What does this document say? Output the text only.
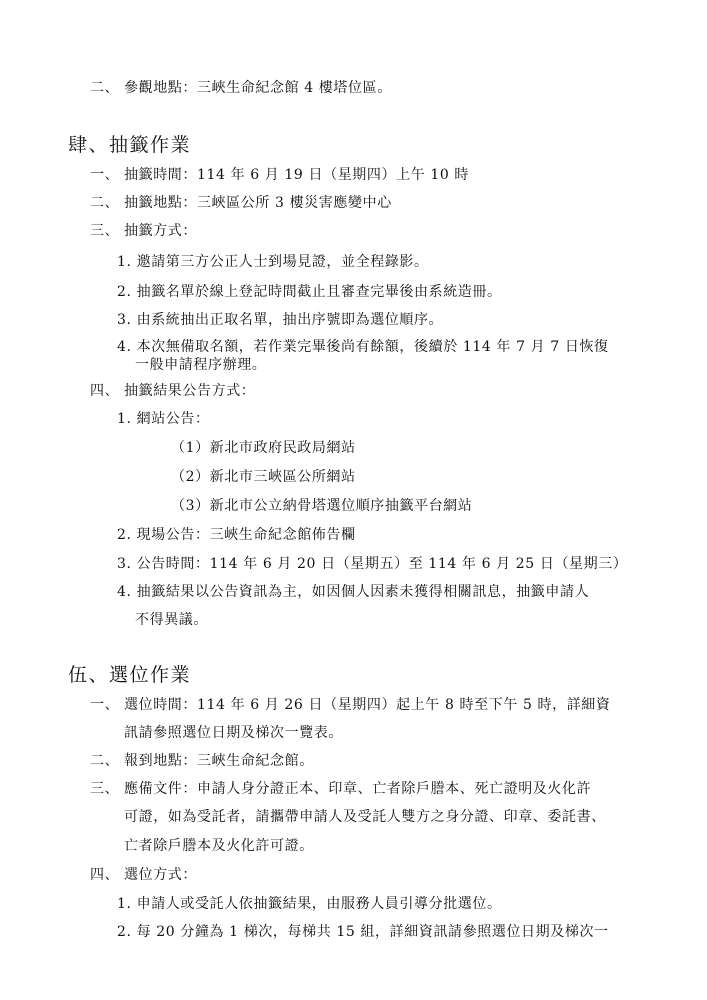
二、 參觀地點：三峽生命紀念館 4 樓塔位區。
肆、抽籤作業
一、 抽籤時間：114 年 6 月 19 日（星期四）上午 10 時
二、 抽籤地點：三峽區公所 3 樓災害應變中心
三、 抽籤方式：
1. 邀請第三方公正人士到場見證，並全程錄影。
2. 抽籤名單於線上登記時間截止且審查完畢後由系統造冊。
3. 由系統抽出正取名單，抽出序號即為選位順序。
4. 本次無備取名額，若作業完畢後尚有餘額，後續於 114 年 7 月 7 日恢復
一般申請程序辦理。
四、 抽籤結果公告方式：
1. 網站公告：
（1）新北市政府民政局網站
（2）新北市三峽區公所網站
（3）新北市公立納骨塔選位順序抽籤平台網站
2. 現場公告：三峽生命紀念館佈告欄
3. 公告時間：114 年 6 月 20 日（星期五）至 114 年 6 月 25 日（星期三）
4. 抽籤結果以公告資訊為主，如因個人因素未獲得相關訊息，抽籤申請人
不得異議。
伍、選位作業
一、 選位時間：114 年 6 月 26 日（星期四）起上午 8 時至下午 5 時，詳細資
訊請參照選位日期及梯次一覽表。
二、 報到地點：三峽生命紀念館。
三、 應備文件：申請人身分證正本、印章、亡者除戶謄本、死亡證明及火化許
可證，如為受託者，請攜帶申請人及受託人雙方之身分證、印章、委託書、
亡者除戶謄本及火化許可證。
四、 選位方式：
1. 申請人或受託人依抽籤結果，由服務人員引導分批選位。
2. 每 20 分鐘為 1 梯次，每梯共 15 組，詳細資訊請參照選位日期及梯次一
